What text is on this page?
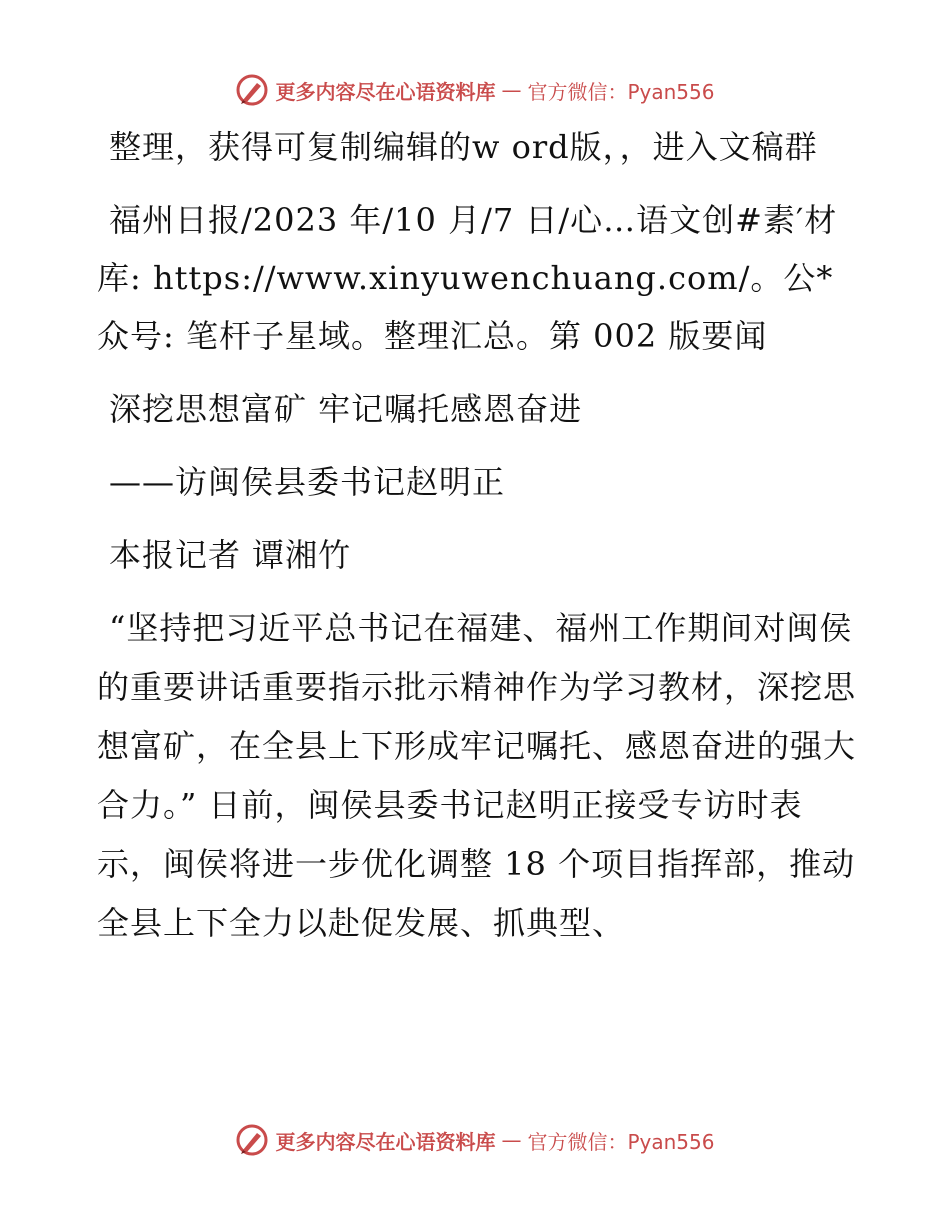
更多内容尽在心语资料库 — 官方微信：Pyan556

整理，获得可复制编辑的w ord版，，进入文稿群

福州日报/2023 年/10 月/7 日/心…语文创#素′材库: https://www.xinyuwenchuang.com/。公*众号: 笔杆子星域。整理汇总。第 002 版要闻

深挖思想富矿 牢记嘱托感恩奋进

——访闽侯县委书记赵明正

本报记者 谭湘竹

“坚持把习近平总书记在福建、福州工作期间对闽侯的重要讲话重要指示批示精神作为学习教材，深挖思想富矿，在全县上下形成牢记嘱托、感恩奋进的强大合力。” 日前，闽侯县委书记赵明正接受专访时表示，闽侯将进一步优化调整 18 个项目指挥部，推动全县上下全力以赴促发展、抓典型、

更多内容尽在心语资料库 — 官方微信：Pyan556
